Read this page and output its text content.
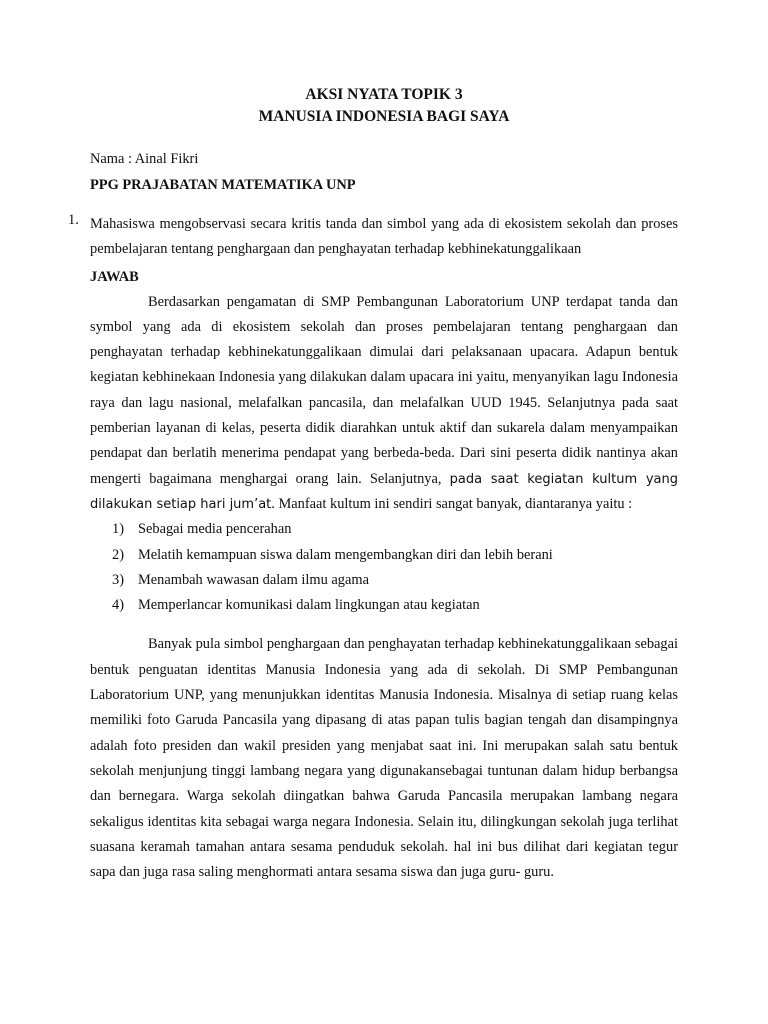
AKSI NYATA TOPIK 3

MANUSIA INDONESIA BAGI SAYA

Nama : Ainal Fikri
PPG PRAJABATAN MATEMATIKA UNP
1. Mahasiswa mengobservasi secara kritis tanda dan simbol yang ada di ekosistem sekolah dan proses pembelajaran tentang penghargaan dan penghayatan terhadap kebhinekatunggalikaan

JAWAB

Berdasarkan pengamatan di SMP Pembangunan Laboratorium UNP terdapat tanda dan symbol yang ada di ekosistem sekolah dan proses pembelajaran tentang penghargaan dan penghayatan terhadap kebhinekatunggalikaan dimulai dari pelaksanaan upacara. Adapun bentuk kegiatan kebhinekaan Indonesia yang dilakukan dalam upacara ini yaitu, menyanyikan lagu Indonesia raya dan lagu nasional, melafalkan pancasila, dan melafalkan UUD 1945. Selanjutnya pada saat pemberian layanan di kelas, peserta didik diarahkan untuk aktif dan sukarela dalam menyampaikan pendapat dan berlatih menerima pendapat yang berbeda-beda. Dari sini peserta didik nantinya akan mengerti bagaimana menghargai orang lain. Selanjutnya, pada saat kegiatan kultum yang dilakukan setiap hari jum’at. Manfaat kultum ini sendiri sangat banyak, diantaranya yaitu :

1) Sebagai media pencerahan
2) Melatih kemampuan siswa dalam mengembangkan diri dan lebih berani
3) Menambah wawasan dalam ilmu agama
4) Memperlancar komunikasi dalam lingkungan atau kegiatan

Banyak pula simbol penghargaan dan penghayatan terhadap kebhinekatunggalikaan sebagai bentuk penguatan identitas Manusia Indonesia yang ada di sekolah. Di SMP Pembangunan Laboratorium UNP, yang menunjukkan identitas Manusia Indonesia. Misalnya di setiap ruang kelas memiliki foto Garuda Pancasila yang dipasang di atas papan tulis bagian tengah dan disampingnya adalah foto presiden dan wakil presiden yang menjabat saat ini. Ini merupakan salah satu bentuk sekolah menjunjung tinggi lambang negara yang digunakansebagai tuntunan dalam hidup berbangsa dan bernegara. Warga sekolah diingatkan bahwa Garuda Pancasila merupakan lambang negara sekaligus identitas kita sebagai warga negara Indonesia. Selain itu, dilingkungan sekolah juga terlihat suasana keramah tamahan antara sesama penduduk sekolah. hal ini bus dilihat dari kegiatan tegur sapa dan juga rasa saling menghormati antara sesama siswa dan juga guru- guru.
